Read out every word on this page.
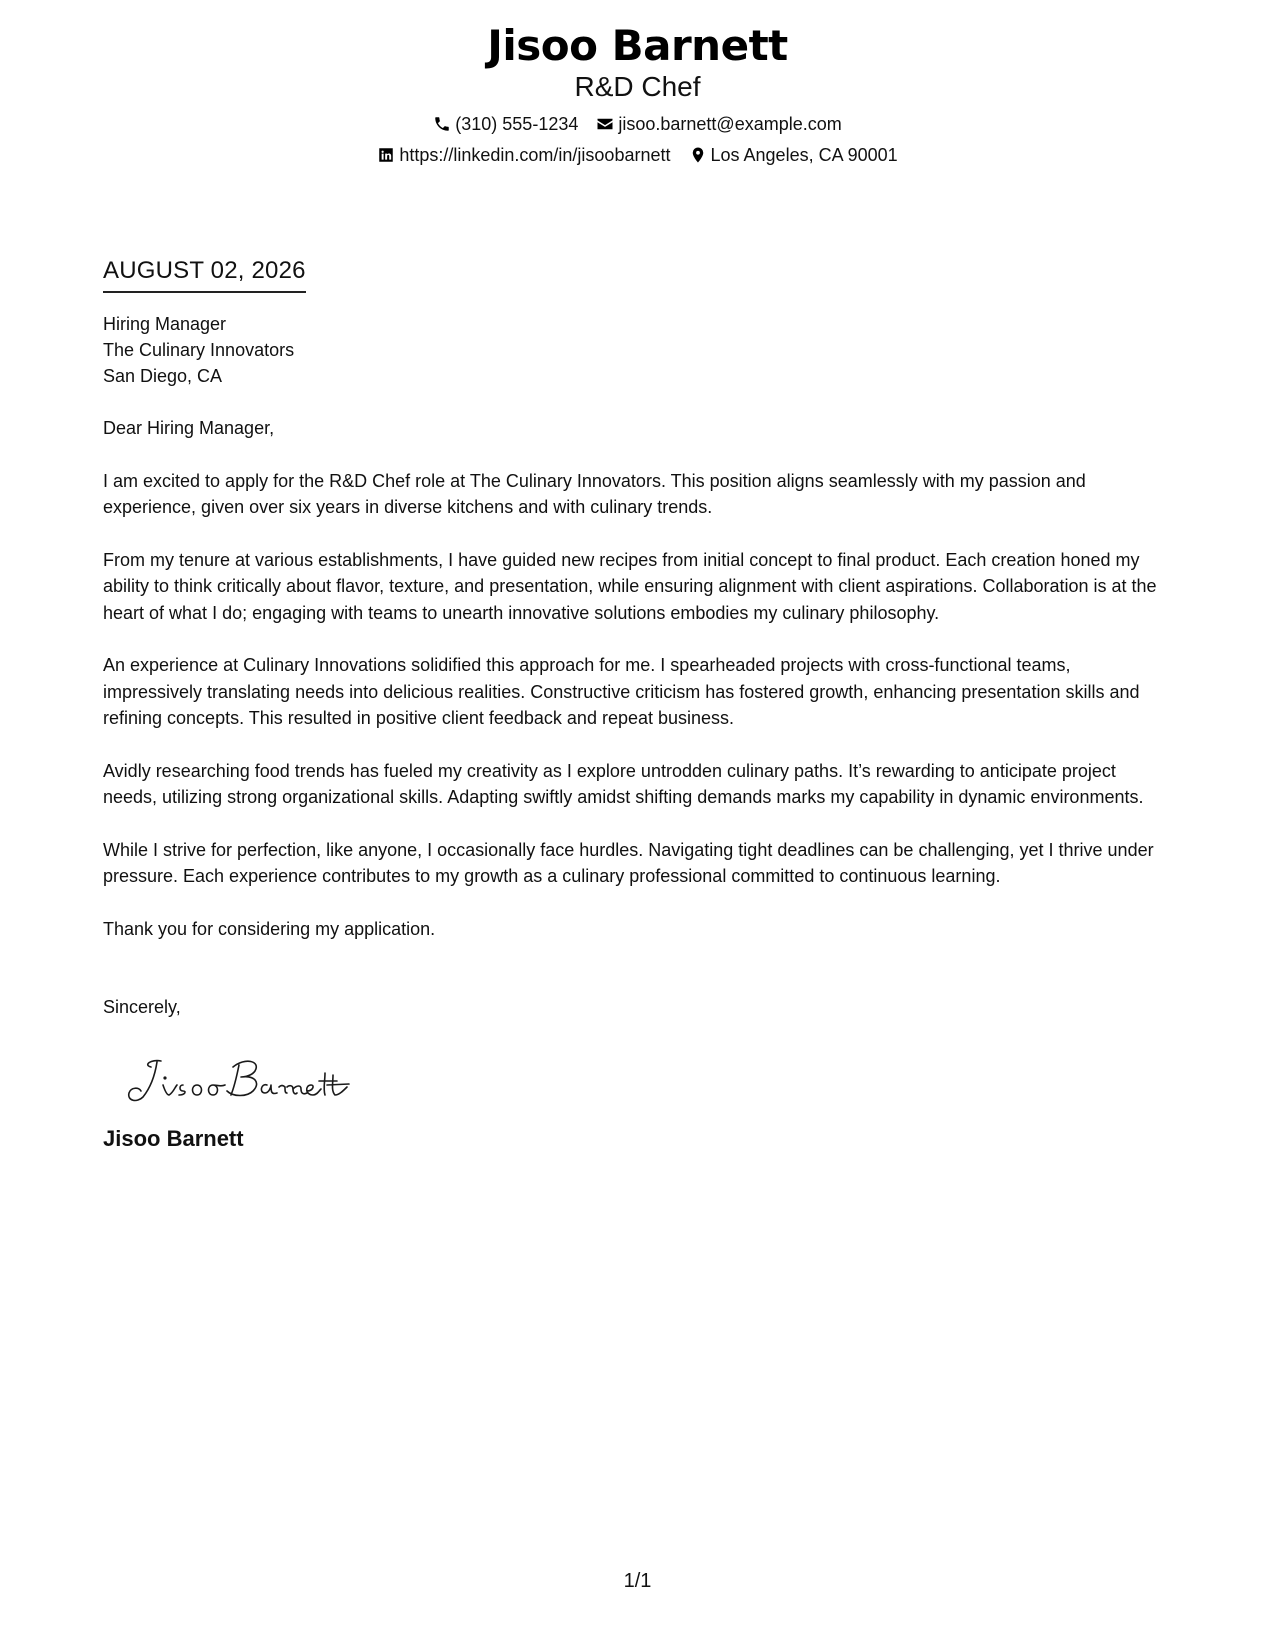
Jisoo Barnett
R&D Chef
(310) 555-1234 jisoo.barnett@example.com
https://linkedin.com/in/jisoobarnett Los Angeles, CA 90001
AUGUST 02, 2026
Hiring Manager
The Culinary Innovators
San Diego, CA
Dear Hiring Manager,
I am excited to apply for the R&D Chef role at The Culinary Innovators. This position aligns seamlessly with my passion and experience, given over six years in diverse kitchens and with culinary trends.
From my tenure at various establishments, I have guided new recipes from initial concept to final product. Each creation honed my ability to think critically about flavor, texture, and presentation, while ensuring alignment with client aspirations. Collaboration is at the heart of what I do; engaging with teams to unearth innovative solutions embodies my culinary philosophy.
An experience at Culinary Innovations solidified this approach for me. I spearheaded projects with cross-functional teams, impressively translating needs into delicious realities. Constructive criticism has fostered growth, enhancing presentation skills and refining concepts. This resulted in positive client feedback and repeat business.
Avidly researching food trends has fueled my creativity as I explore untrodden culinary paths. It’s rewarding to anticipate project needs, utilizing strong organizational skills. Adapting swiftly amidst shifting demands marks my capability in dynamic environments.
While I strive for perfection, like anyone, I occasionally face hurdles. Navigating tight deadlines can be challenging, yet I thrive under pressure. Each experience contributes to my growth as a culinary professional committed to continuous learning.
Thank you for considering my application.
Sincerely,
Jisoo Barnett
1/1
